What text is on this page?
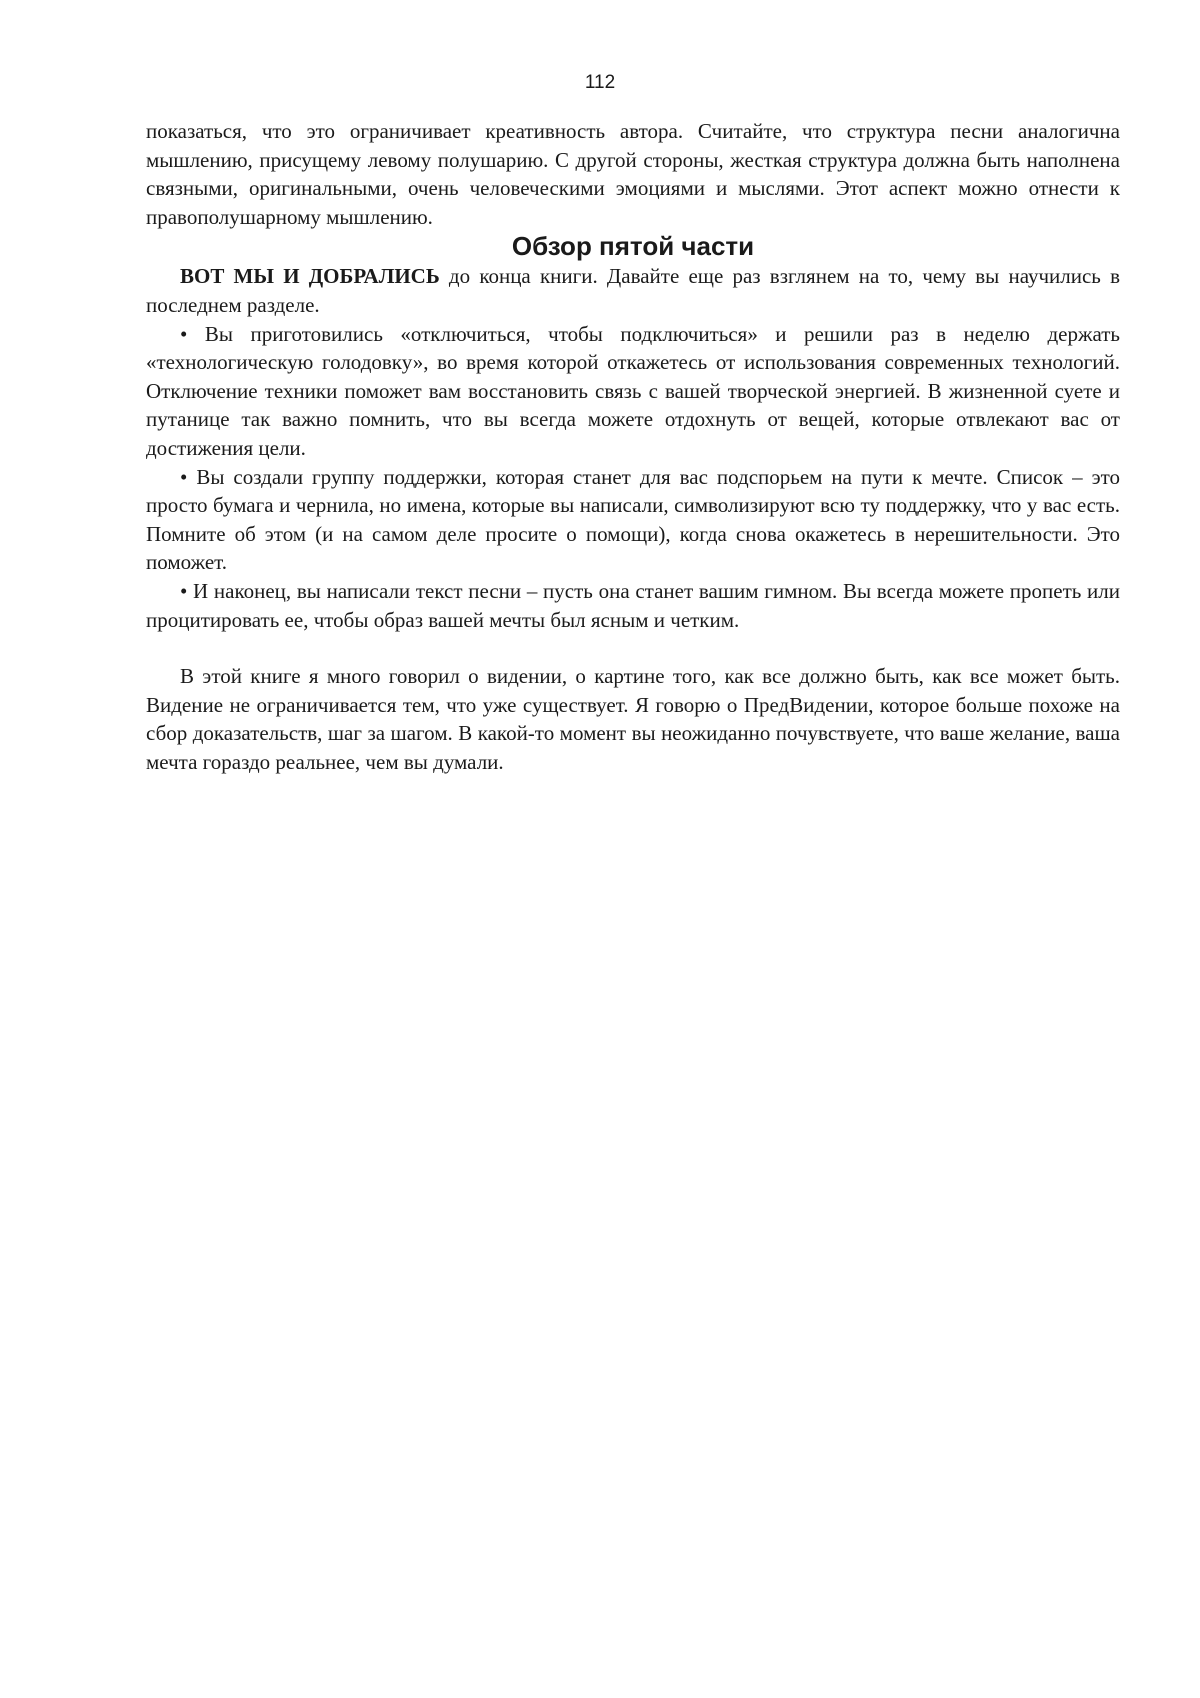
112

показаться, что это ограничивает креативность автора. Считайте, что структура песни аналогична мышлению, присущему левому полушарию. С другой стороны, жесткая структура должна быть наполнена связными, оригинальными, очень человеческими эмоциями и мыслями. Этот аспект можно отнести к правополушарному мышлению.

Обзор пятой части

ВОТ МЫ И ДОБРАЛИСЬ до конца книги. Давайте еще раз взглянем на то, чему вы научились в последнем разделе.

• Вы приготовились «отключиться, чтобы подключиться» и решили раз в неделю держать «технологическую голодовку», во время которой откажетесь от использования современных технологий. Отключение техники поможет вам восстановить связь с вашей творческой энергией. В жизненной суете и путанице так важно помнить, что вы всегда можете отдохнуть от вещей, которые отвлекают вас от достижения цели.

• Вы создали группу поддержки, которая станет для вас подспорьем на пути к мечте. Список – это просто бумага и чернила, но имена, которые вы написали, символизируют всю ту поддержку, что у вас есть. Помните об этом (и на самом деле просите о помощи), когда снова окажетесь в нерешительности. Это поможет.

• И наконец, вы написали текст песни – пусть она станет вашим гимном. Вы всегда можете пропеть или процитировать ее, чтобы образ вашей мечты был ясным и четким.

В этой книге я много говорил о видении, о картине того, как все должно быть, как все может быть. Видение не ограничивается тем, что уже существует. Я говорю о ПредВидении, которое больше похоже на сбор доказательств, шаг за шагом. В какой-то момент вы неожиданно почувствуете, что ваше желание, ваша мечта гораздо реальнее, чем вы думали.
